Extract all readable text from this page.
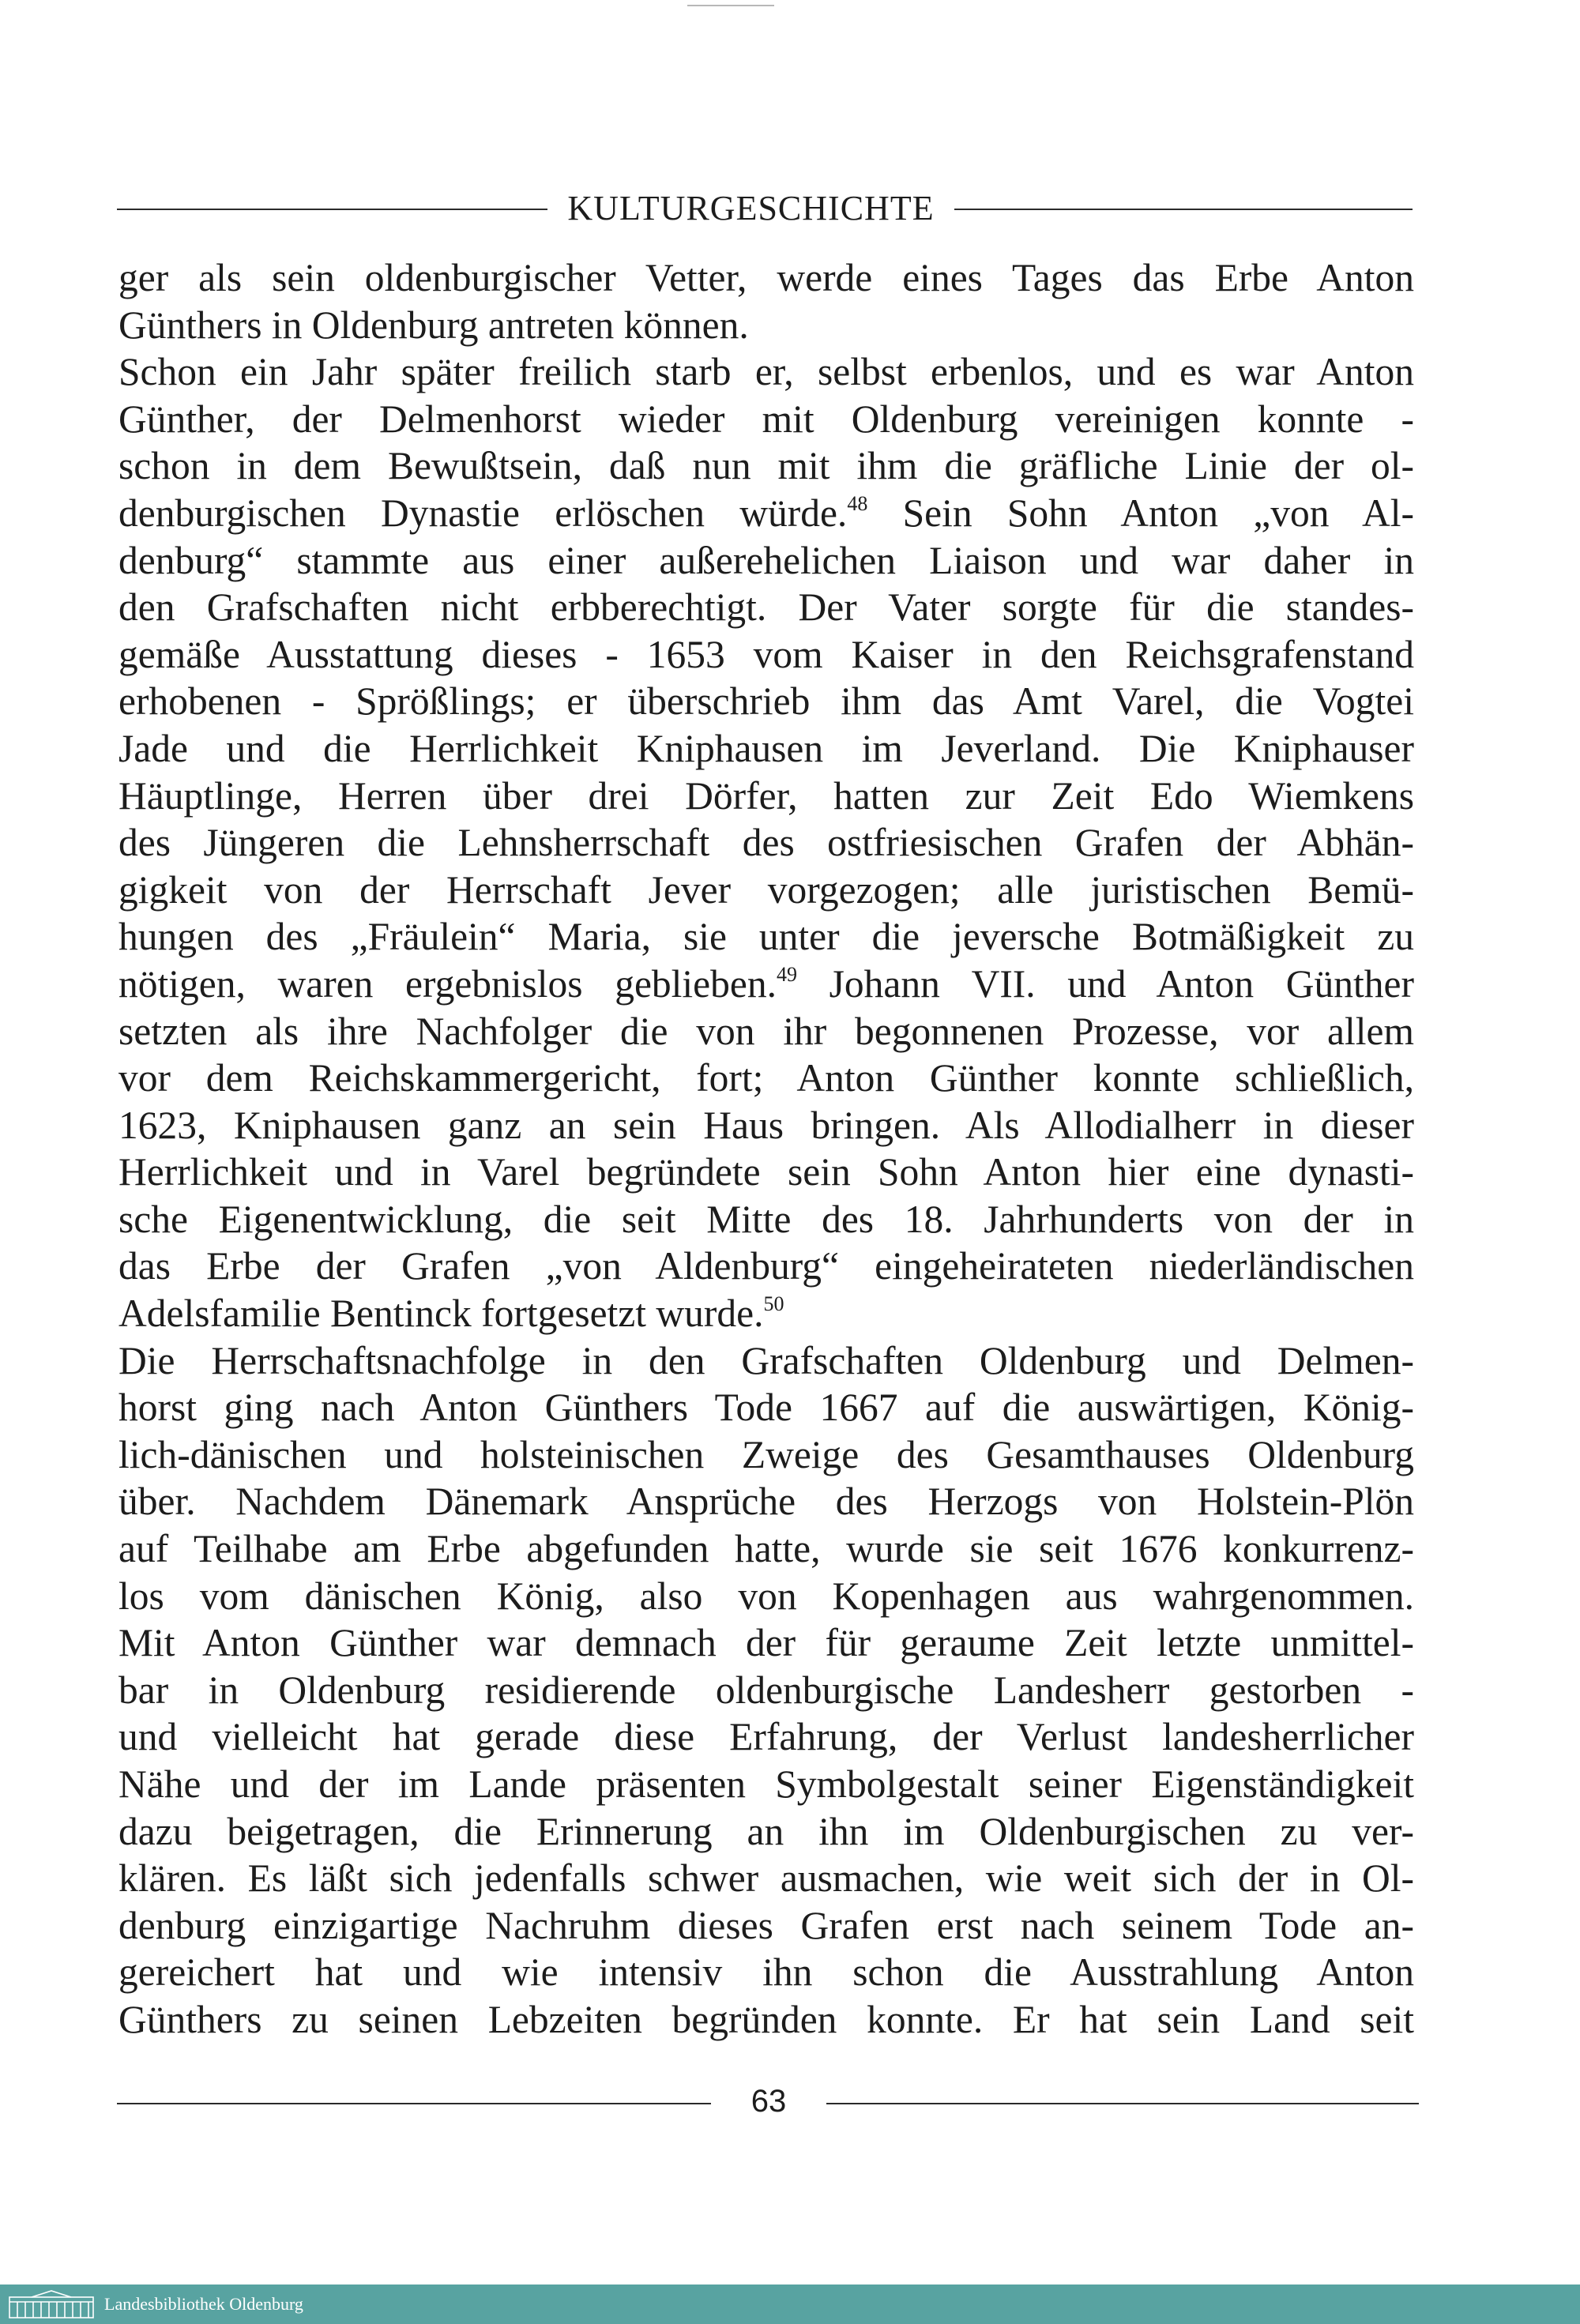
KULTURGESCHICHTE
ger als sein oldenburgischer Vetter, werde eines Tages das Erbe Anton
Günthers in Oldenburg antreten können.
Schon ein Jahr später freilich starb er, selbst erbenlos, und es war Anton
Günther, der Delmenhorst wieder mit Oldenburg vereinigen konnte -
schon in dem Bewußtsein, daß nun mit ihm die gräfliche Linie der ol-
denburgischen Dynastie erlöschen würde.$^{48}$ Sein Sohn Anton „von Al-
denburg“ stammte aus einer außerehelichen Liaison und war daher in
den Grafschaften nicht erbberechtigt. Der Vater sorgte für die standes-
gemäße Ausstattung dieses - 1653 vom Kaiser in den Reichsgrafenstand
erhobenen - Sprößlings; er überschrieb ihm das Amt Varel, die Vogtei
Jade und die Herrlichkeit Kniphausen im Jeverland. Die Kniphauser
Häuptlinge, Herren über drei Dörfer, hatten zur Zeit Edo Wiemkens
des Jüngeren die Lehnsherrschaft des ostfriesischen Grafen der Abhän-
gigkeit von der Herrschaft Jever vorgezogen; alle juristischen Bemü-
hungen des „Fräulein“ Maria, sie unter die jeversche Botmäßigkeit zu
nötigen, waren ergebnislos geblieben.$^{49}$ Johann VII. und Anton Günther
setzten als ihre Nachfolger die von ihr begonnenen Prozesse, vor allem
vor dem Reichskammergericht, fort; Anton Günther konnte schließlich,
1623, Kniphausen ganz an sein Haus bringen. Als Allodialherr in dieser
Herrlichkeit und in Varel begründete sein Sohn Anton hier eine dynasti-
sche Eigenentwicklung, die seit Mitte des 18. Jahrhunderts von der in
das Erbe der Grafen „von Aldenburg“ eingeheirateten niederländischen
Adelsfamilie Bentinck fortgesetzt wurde.$^{50}$
Die Herrschaftsnachfolge in den Grafschaften Oldenburg und Delmen-
horst ging nach Anton Günthers Tode 1667 auf die auswärtigen, König-
lich-dänischen und holsteinischen Zweige des Gesamthauses Oldenburg
über. Nachdem Dänemark Ansprüche des Herzogs von Holstein-Plön
auf Teilhabe am Erbe abgefunden hatte, wurde sie seit 1676 konkurrenz-
los vom dänischen König, also von Kopenhagen aus wahrgenommen.
Mit Anton Günther war demnach der für geraume Zeit letzte unmittel-
bar in Oldenburg residierende oldenburgische Landesherr gestorben -
und vielleicht hat gerade diese Erfahrung, der Verlust landesherrlicher
Nähe und der im Lande präsenten Symbolgestalt seiner Eigenständigkeit
dazu beigetragen, die Erinnerung an ihn im Oldenburgischen zu ver-
klären. Es läßt sich jedenfalls schwer ausmachen, wie weit sich der in Ol-
denburg einzigartige Nachruhm dieses Grafen erst nach seinem Tode an-
gereichert hat und wie intensiv ihn schon die Ausstrahlung Anton
Günthers zu seinen Lebzeiten begründen konnte. Er hat sein Land seit
63
Landesbibliothek Oldenburg
